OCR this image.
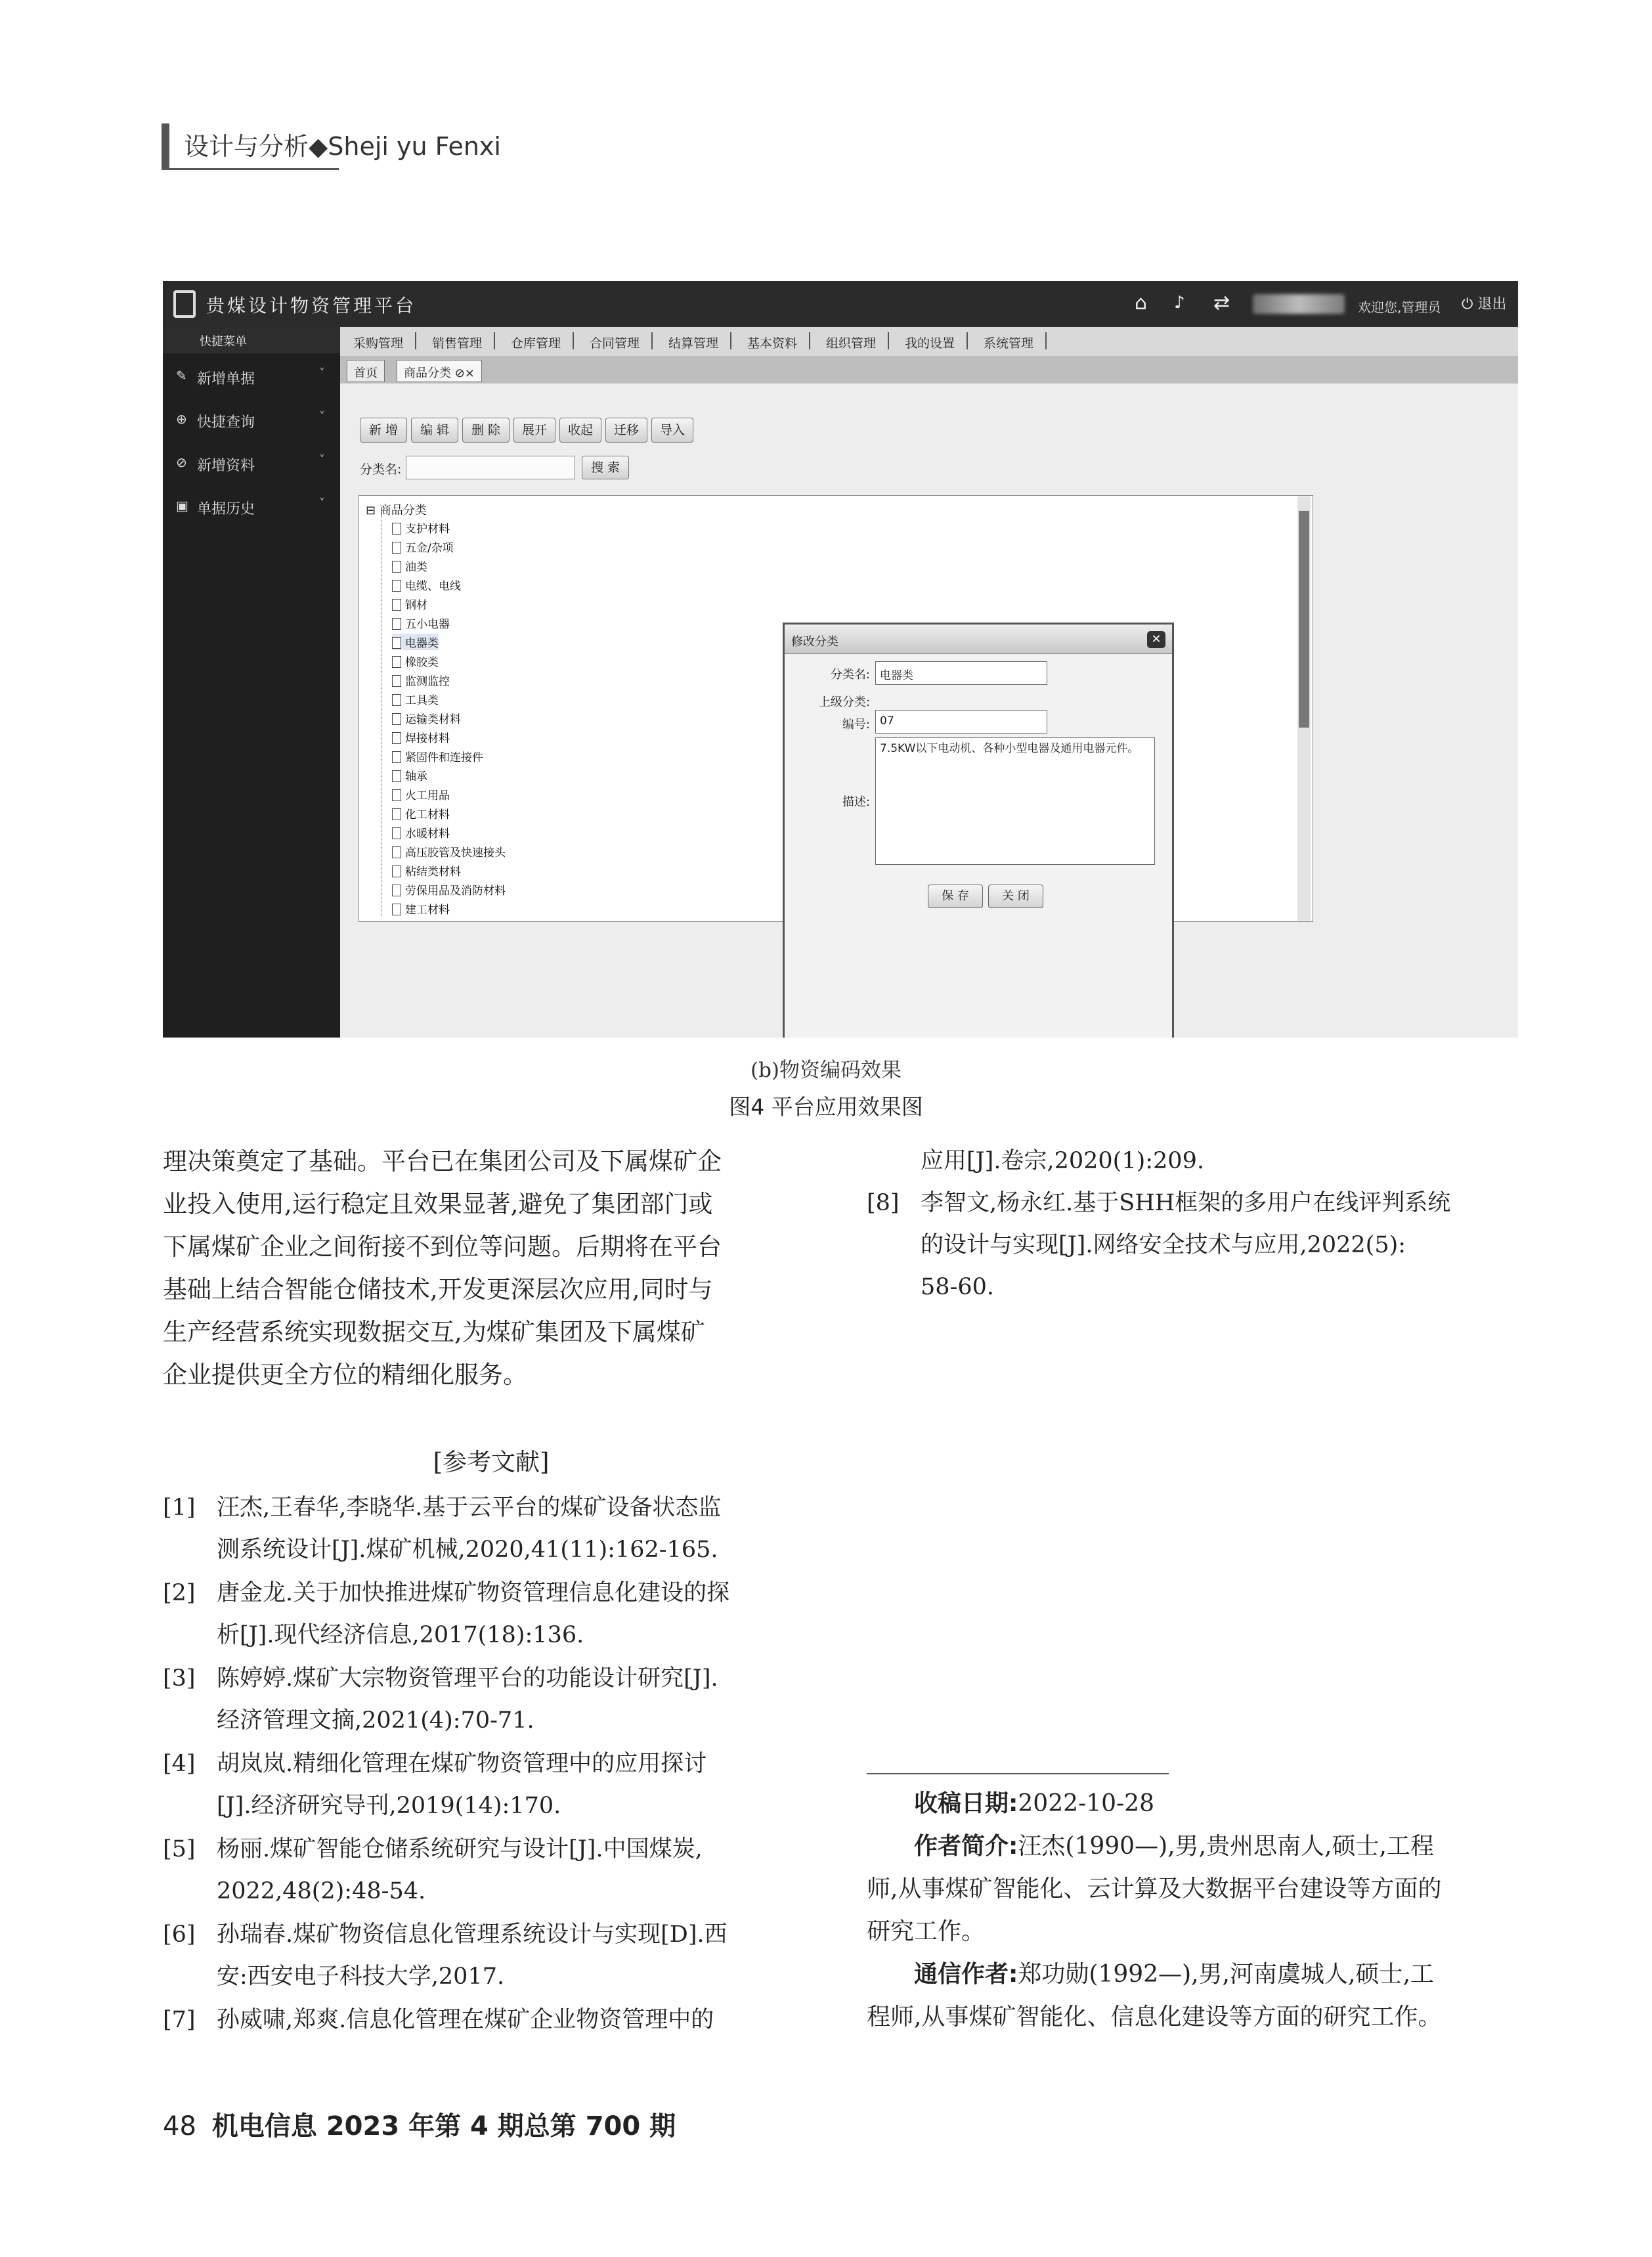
设计与分析◆Sheji yu Fenxi
贵煤设计物资管理平台	⌂ ♪ ⇄	欢迎您,管理员 ⏻ 退出
快捷菜单
✎ 新增单据	˅
⊕ 快捷查询	˅
⊘ 新增资料	˅
▣ 单据历史	˅
采购管理 销售管理 仓库管理 合同管理 结算管理 基本资料 组织管理 我的设置 系统管理
首页	商品分类 ⊘×
新 增	编 辑	删 除	展开	收起	迁移	导入
分类名:	搜 索
⊟ 商品分类
支护材料
五金/杂项
油类
电缆、电线
钢材
五小电器
电器类
橡胶类
监测监控
工具类
运输类材料
焊接材料
紧固件和连接件
轴承
火工用品
化工材料
水暖材料
高压胶管及快速接头
粘结类材料
劳保用品及消防材料
建工材料
修改分类	✕
分类名: 电器类
上级分类:
编号: 07
描述:
7.5KW以下电动机、各种小型电器及通用电器元件。
保 存	关 闭
(b)物资编码效果
图4 平台应用效果图
理决策奠定了基础。平台已在集团公司及下属煤矿企
业投入使用,运行稳定且效果显著,避免了集团部门或
下属煤矿企业之间衔接不到位等问题。后期将在平台
基础上结合智能仓储技术,开发更深层次应用,同时与
生产经营系统实现数据交互,为煤矿集团及下属煤矿
企业提供更全方位的精细化服务。
[参考文献]
[1] 汪杰,王春华,李晓华.基于云平台的煤矿设备状态监
测系统设计[J].煤矿机械,2020,41(11):162-165.
[2] 唐金龙.关于加快推进煤矿物资管理信息化建设的探
析[J].现代经济信息,2017(18):136.
[3] 陈婷婷.煤矿大宗物资管理平台的功能设计研究[J].
经济管理文摘,2021(4):70-71.
[4] 胡岚岚.精细化管理在煤矿物资管理中的应用探讨
[J].经济研究导刊,2019(14):170.
[5] 杨丽.煤矿智能仓储系统研究与设计[J].中国煤炭,
2022,48(2):48-54.
[6] 孙瑞春.煤矿物资信息化管理系统设计与实现[D].西
安:西安电子科技大学,2017.
[7] 孙威啸,郑爽.信息化管理在煤矿企业物资管理中的
应用[J].卷宗,2020(1):209.
[8] 李智文,杨永红.基于SHH框架的多用户在线评判系统
的设计与实现[J].网络安全技术与应用,2022(5):
58-60.
收稿日期:2022-10-28
作者简介:汪杰(1990—),男,贵州思南人,硕士,工程
师,从事煤矿智能化、云计算及大数据平台建设等方面的
研究工作。
通信作者:郑功勋(1992—),男,河南虞城人,硕士,工
程师,从事煤矿智能化、信息化建设等方面的研究工作。
48 机电信息 2023 年第 4 期总第 700 期
